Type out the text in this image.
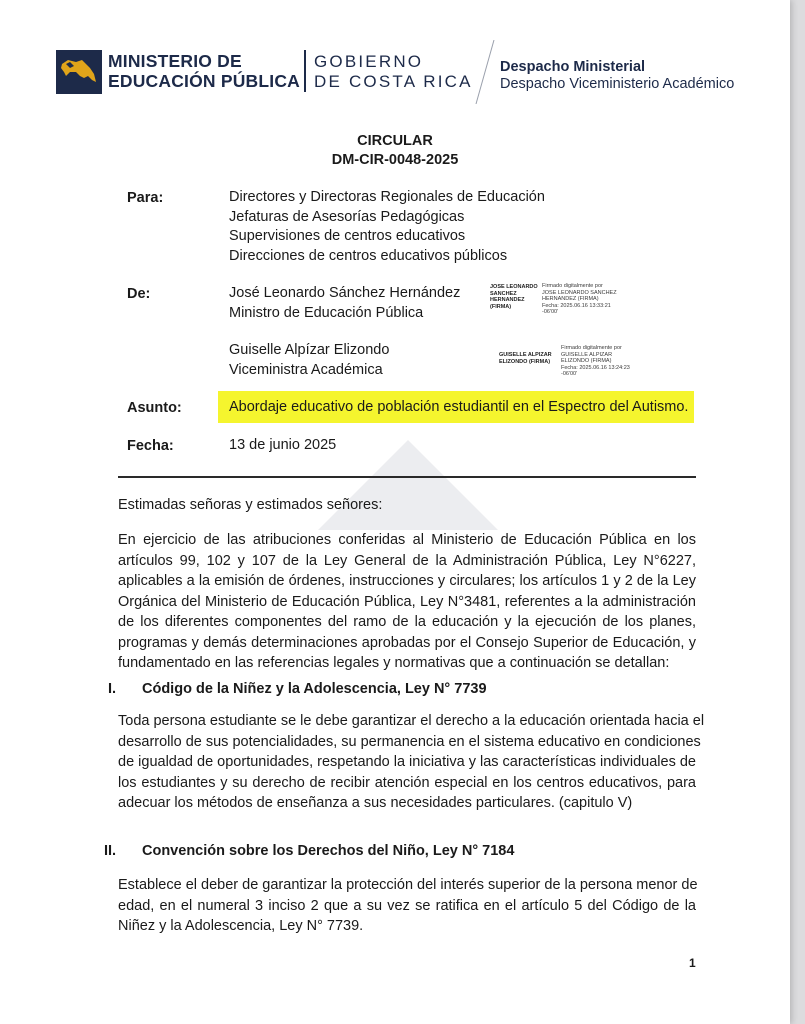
MINISTERIO DE
EDUCACIÓN PÚBLICA
GOBIERNO
DE COSTA RICA
Despacho Ministerial
Despacho Viceministerio Académico
CIRCULAR
DM-CIR-0048-2025
Para:	Directores y Directoras Regionales de Educación
Jefaturas de Asesorías Pedagógicas
Supervisiones de centros educativos
Direcciones de centros educativos públicos
De:	José Leonardo Sánchez Hernández
Ministro de Educación Pública
Guiselle Alpízar Elizondo
Viceministra Académica
JOSE LEONARDO
SANCHEZ
HERNANDEZ
(FIRMA)
Firmado digitalmente por
JOSE LEONARDO SANCHEZ
HERNANDEZ (FIRMA)
Fecha: 2025.06.16 13:33:21
-06'00'
GUISELLE ALPIZAR
ELIZONDO (FIRMA)
Firmado digitalmente por
GUISELLE ALPIZAR
ELIZONDO (FIRMA)
Fecha: 2025.06.16 13:24:23
-06'00'
Asunto:	Abordaje educativo de población estudiantil en el Espectro del Autismo.
Fecha:	13 de junio 2025
Estimadas señoras y estimados señores:
En ejercicio de las atribuciones conferidas al Ministerio de Educación Pública en los
artículos 99, 102 y 107 de la Ley General de la Administración Pública, Ley N°6227,
aplicables a la emisión de órdenes, instrucciones y circulares; los artículos 1 y 2 de la Ley
Orgánica del Ministerio de Educación Pública, Ley N°3481, referentes a la administración
de los diferentes componentes del ramo de la educación y la ejecución de los planes,
programas y demás determinaciones aprobadas por el Consejo Superior de Educación, y
fundamentado en las referencias legales y normativas que a continuación se detallan:
I. Código de la Niñez y la Adolescencia, Ley N° 7739
Toda persona estudiante se le debe garantizar el derecho a la educación orientada hacia el
desarrollo de sus potencialidades, su permanencia en el sistema educativo en condiciones
de igualdad de oportunidades, respetando la iniciativa y las características individuales de
los estudiantes y su derecho de recibir atención especial en los centros educativos, para
adecuar los métodos de enseñanza a sus necesidades particulares. (capitulo V)
II. Convención sobre los Derechos del Niño, Ley N° 7184
Establece el deber de garantizar la protección del interés superior de la persona menor de
edad, en el numeral 3 inciso 2 que a su vez se ratifica en el artículo 5 del Código de la
Niñez y la Adolescencia, Ley N° 7739.
1
